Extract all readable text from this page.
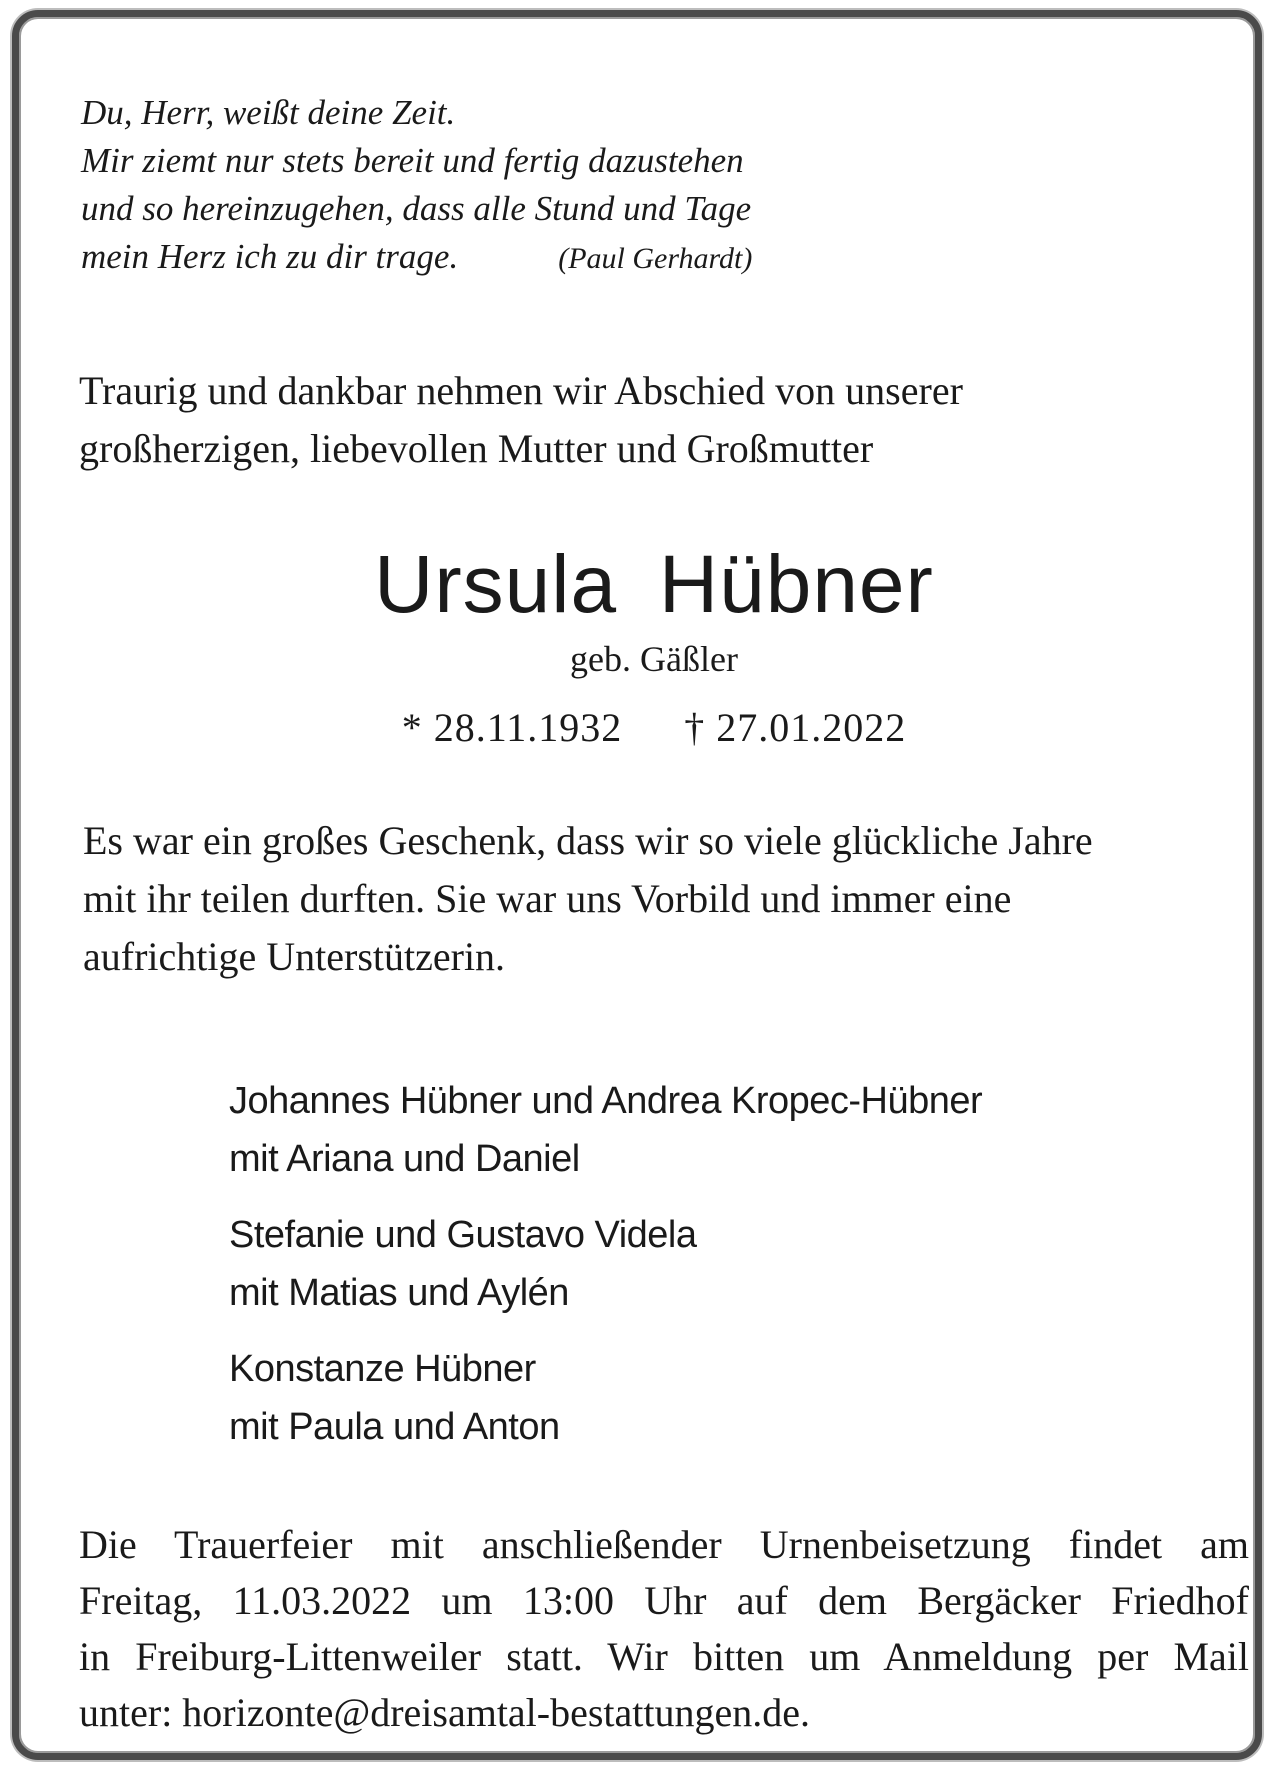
Du, Herr, weißt deine Zeit.
Mir ziemt nur stets bereit und fertig dazustehen
und so hereinzugehen, dass alle Stund und Tage
mein Herz ich zu dir trage.	(Paul Gerhardt)
Traurig und dankbar nehmen wir Abschied von unserer
großherzigen, liebevollen Mutter und Großmutter
Ursula Hübner
geb. Gäßler
* 28.11.1932 † 27.01.2022
Es war ein großes Geschenk, dass wir so viele glückliche Jahre
mit ihr teilen durften. Sie war uns Vorbild und immer eine
aufrichtige Unterstützerin.
Johannes Hübner und Andrea Kropec-Hübner
mit Ariana und Daniel
Stefanie und Gustavo Videla
mit Matias und Aylén
Konstanze Hübner
mit Paula und Anton
Die Trauerfeier mit anschließender Urnenbeisetzung findet am
Freitag, 11.03.2022 um 13:00 Uhr auf dem Bergäcker Friedhof
in Freiburg-Littenweiler statt. Wir bitten um Anmeldung per Mail
unter: horizonte@dreisamtal-bestattungen.de.
